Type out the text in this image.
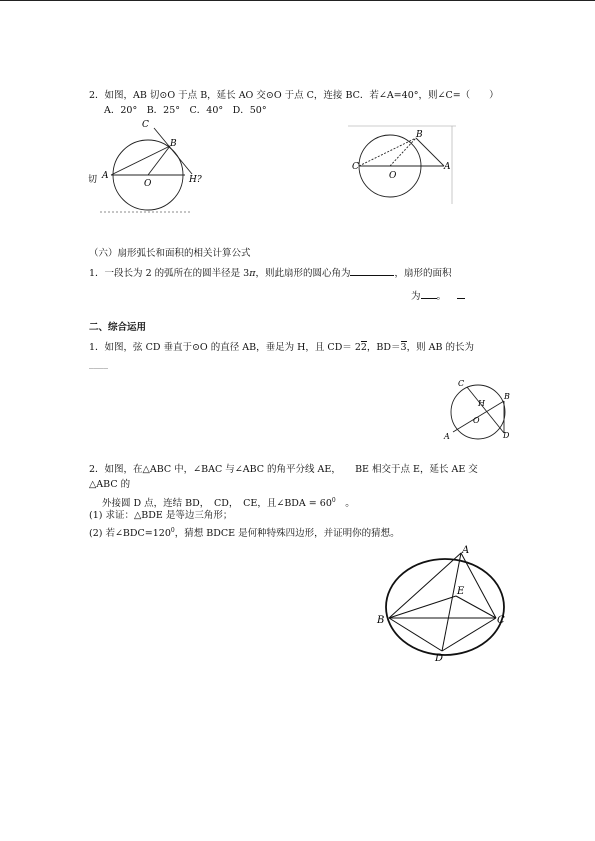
2．如图，AB 切⊙O 于点 B，延长 AO 交⊙O 于点 C，连接 BC．若∠A=40°，则∠C=（　　）
A．20°　B．25°　C．40°　D．50°
C
B
A
O
切	H?
B
C
O
A
（六）扇形弧长和面积的相关计算公式
1．一段长为 2 的弧所在的圆半径是 3π，则此扇形的圆心角为	，扇形的面积
为 。
二、综合运用
1．如图，弦 CD 垂直于⊙O 的直径 AB，垂足为 H，且 CD＝ 22，BD＝3，则 AB 的长为
____
C
H
B
O
A	D
2．如图，在△ABC 中，∠BAC 与∠ABC 的角平分线 AE，　　BE 相交于点 E，延长 AE 交
△ABC 的
外接圆 D 点，连结 BD，　CD，　CE，且∠BDA = $60^0$　。
(1) 求证：△BDE 是等边三角形；
(2) 若$\angle BDC=120^0$，猜想 BDCE 是何种特殊四边形，并证明你的猜想。
A
B	C
D
E
